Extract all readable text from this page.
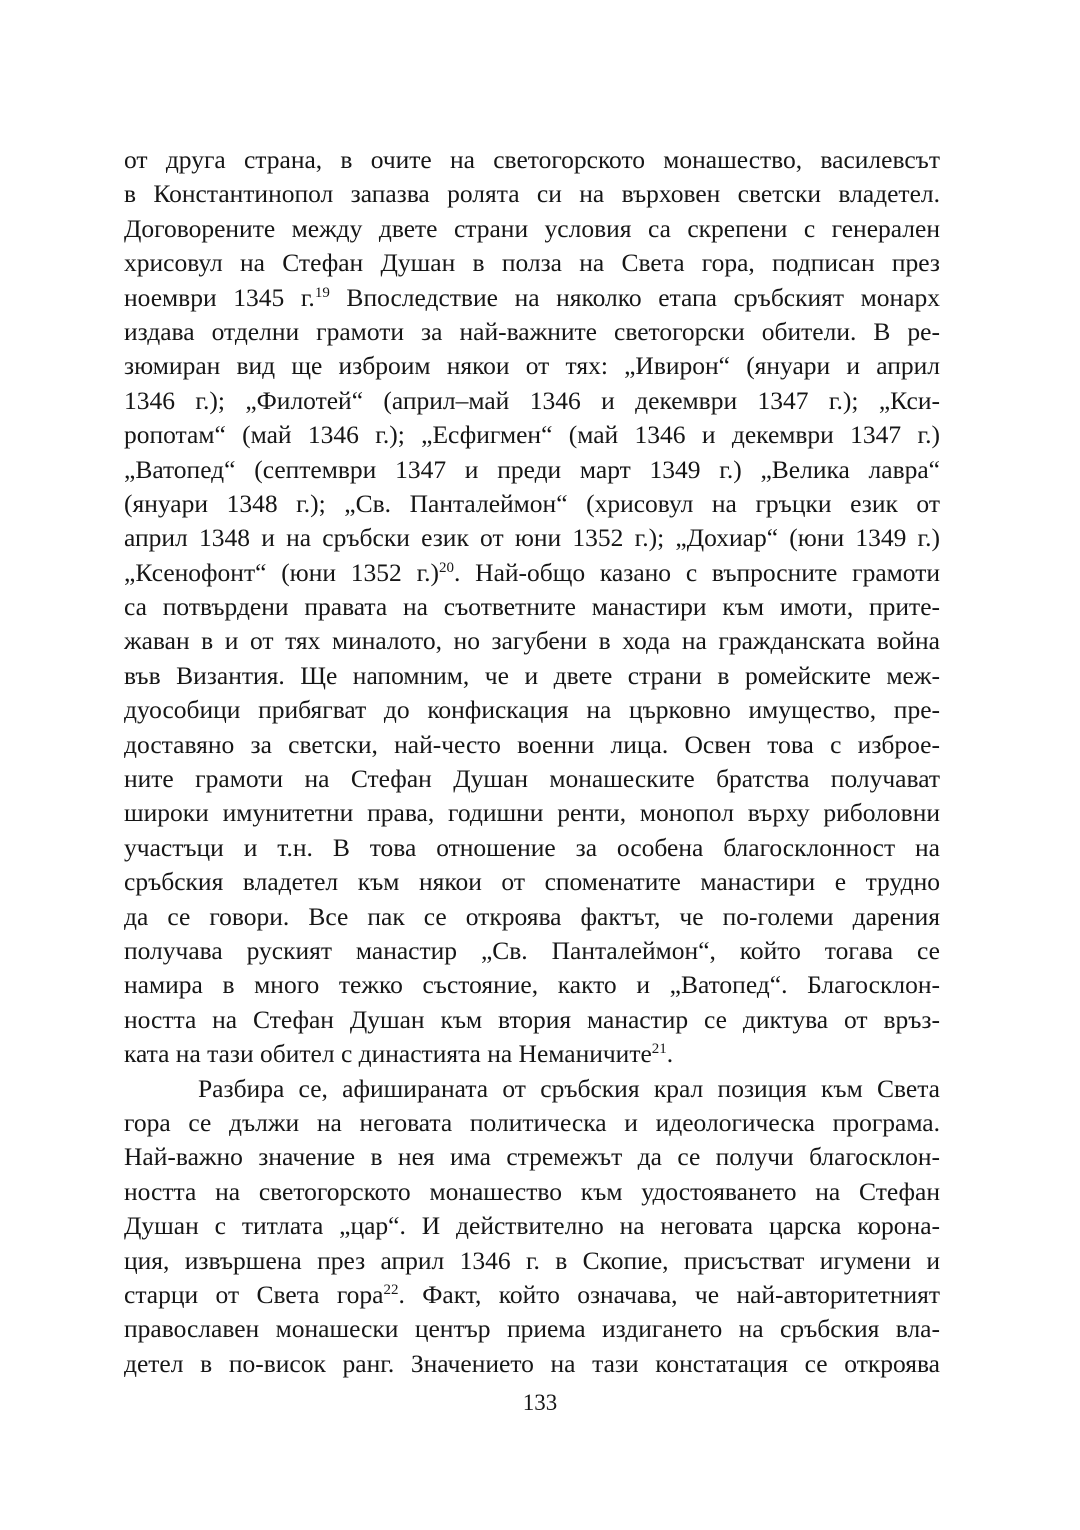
от друга страна, в очите на светогорското монашество, василевсът
в Константинопол запазва ролята си на върховен светски владетел.
Договорените между двете страни условия са скрепени с генерален
хрисовул на Стефан Душан в полза на Света гора, подписан през
ноември 1345 г.$^{19}$ Впоследствие на няколко етапа сръбският монарх
издава отделни грамоти за най-важните светогорски обители. В ре-
зюмиран вид ще изброим някои от тях: „Ивирон“ (януари и април
1346 г.); „Филотей“ (април–май 1346 и декември 1347 г.); „Кси-
ропотам“ (май 1346 г.); „Есфигмен“ (май 1346 и декември 1347 г.)
„Ватопед“ (септември 1347 и преди март 1349 г.) „Велика лавра“
(януари 1348 г.); „Св. Панталеймон“ (хрисовул на гръцки език от
април 1348 и на сръбски език от юни 1352 г.); „Дохиар“ (юни 1349 г.)
„Ксенофонт“ (юни 1352 г.)$^{20}$. Най-общо казано с въпросните грамоти
са потвърдени правата на съответните манастири към имоти, прите-
жаван в и от тях миналото, но загубени в хода на гражданската война
във Византия. Ще напомним, че и двете страни в ромейските меж-
дуособици прибягват до конфискация на църковно имущество, пре-
доставяно за светски, най-често военни лица. Освен това с изброе-
ните грамоти на Стефан Душан монашеските братства получават
широки имунитетни права, годишни ренти, монопол върху риболовни
участъци и т.н. В това отношение за особена благосклонност на
сръбския владетел към някои от споменатите манастири е трудно
да се говори. Все пак се откроява фактът, че по-големи дарения
получава руският манастир „Св. Панталеймон“, който тогава се
намира в много тежко състояние, както и „Ватопед“. Благосклон-
ността на Стефан Душан към втория манастир се диктува от връз-
ката на тази обител с династията на Неманичите$^{21}$.
Разбира се, афишираната от сръбския крал позиция към Света
гора се дължи на неговата политическа и идеологическа програма.
Най-важно значение в нея има стремежът да се получи благосклон-
ността на светогорското монашество към удостояването на Стефан
Душан с титлата „цар“. И действително на неговата царска корона-
ция, извършена през април 1346 г. в Скопие, присъстват игумени и
старци от Света гора$^{22}$. Факт, който означава, че най-авторитетният
православен монашески център приема издигането на сръбския вла-
детел в по-висок ранг. Значението на тази констатация се откроява
133
